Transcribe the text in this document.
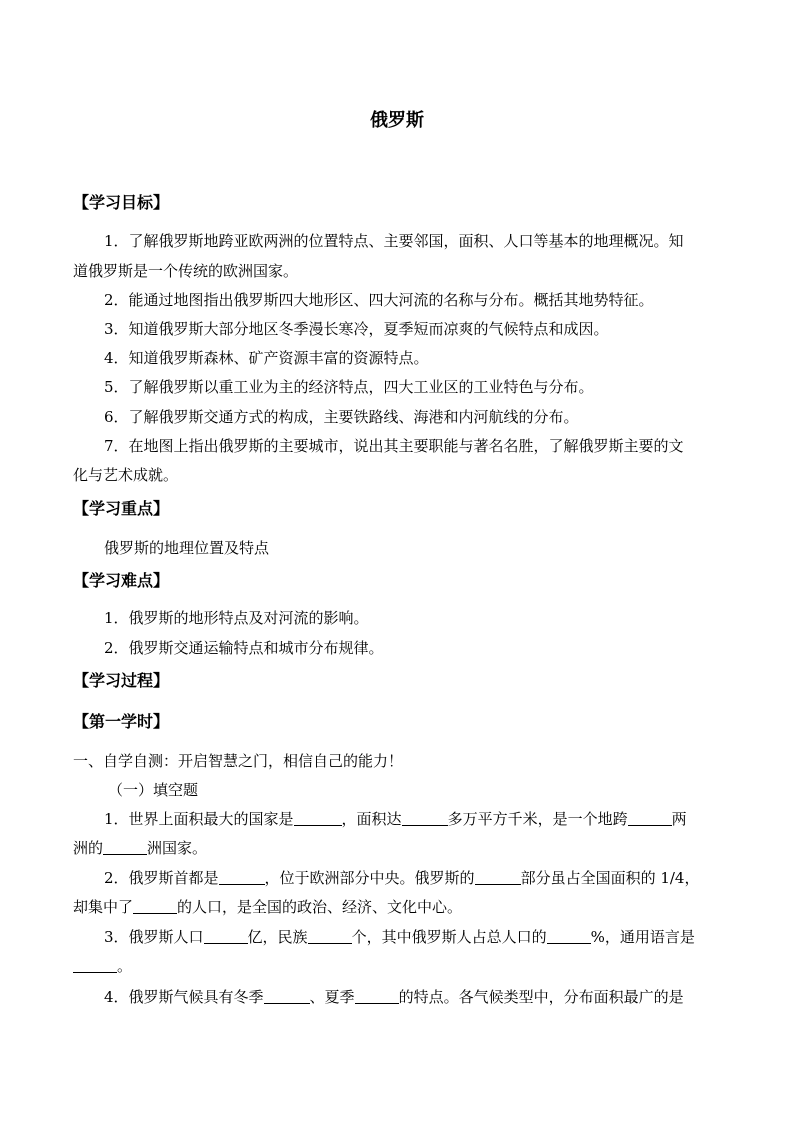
俄罗斯
【学习目标】
1．了解俄罗斯地跨亚欧两洲的位置特点、主要邻国，面积、人口等基本的地理概况。知
道俄罗斯是一个传统的欧洲国家。
2．能通过地图指出俄罗斯四大地形区、四大河流的名称与分布。概括其地势特征。
3．知道俄罗斯大部分地区冬季漫长寒冷，夏季短而凉爽的气候特点和成因。
4．知道俄罗斯森林、矿产资源丰富的资源特点。
5．了解俄罗斯以重工业为主的经济特点，四大工业区的工业特色与分布。
6．了解俄罗斯交通方式的构成，主要铁路线、海港和内河航线的分布。
7．在地图上指出俄罗斯的主要城市，说出其主要职能与著名名胜，了解俄罗斯主要的文
化与艺术成就。
【学习重点】
俄罗斯的地理位置及特点
【学习难点】
1．俄罗斯的地形特点及对河流的影响。
2．俄罗斯交通运输特点和城市分布规律。
【学习过程】
【第一学时】
一、自学自测：开启智慧之门，相信自己的能力！
（一）填空题
1．世界上面积最大的国家是	，面积达	多万平方千米，是一个地跨	两
洲的	洲国家。
2．俄罗斯首都是	，位于欧洲部分中央。俄罗斯的	部分虽占全国面积的 1/4，
却集中了	的人口，是全国的政治、经济、文化中心。
3．俄罗斯人口	亿，民族	个，其中俄罗斯人占总人口的	%，通用语言是
。
4．俄罗斯气候具有冬季	、夏季	的特点。各气候类型中，分布面积最广的是
